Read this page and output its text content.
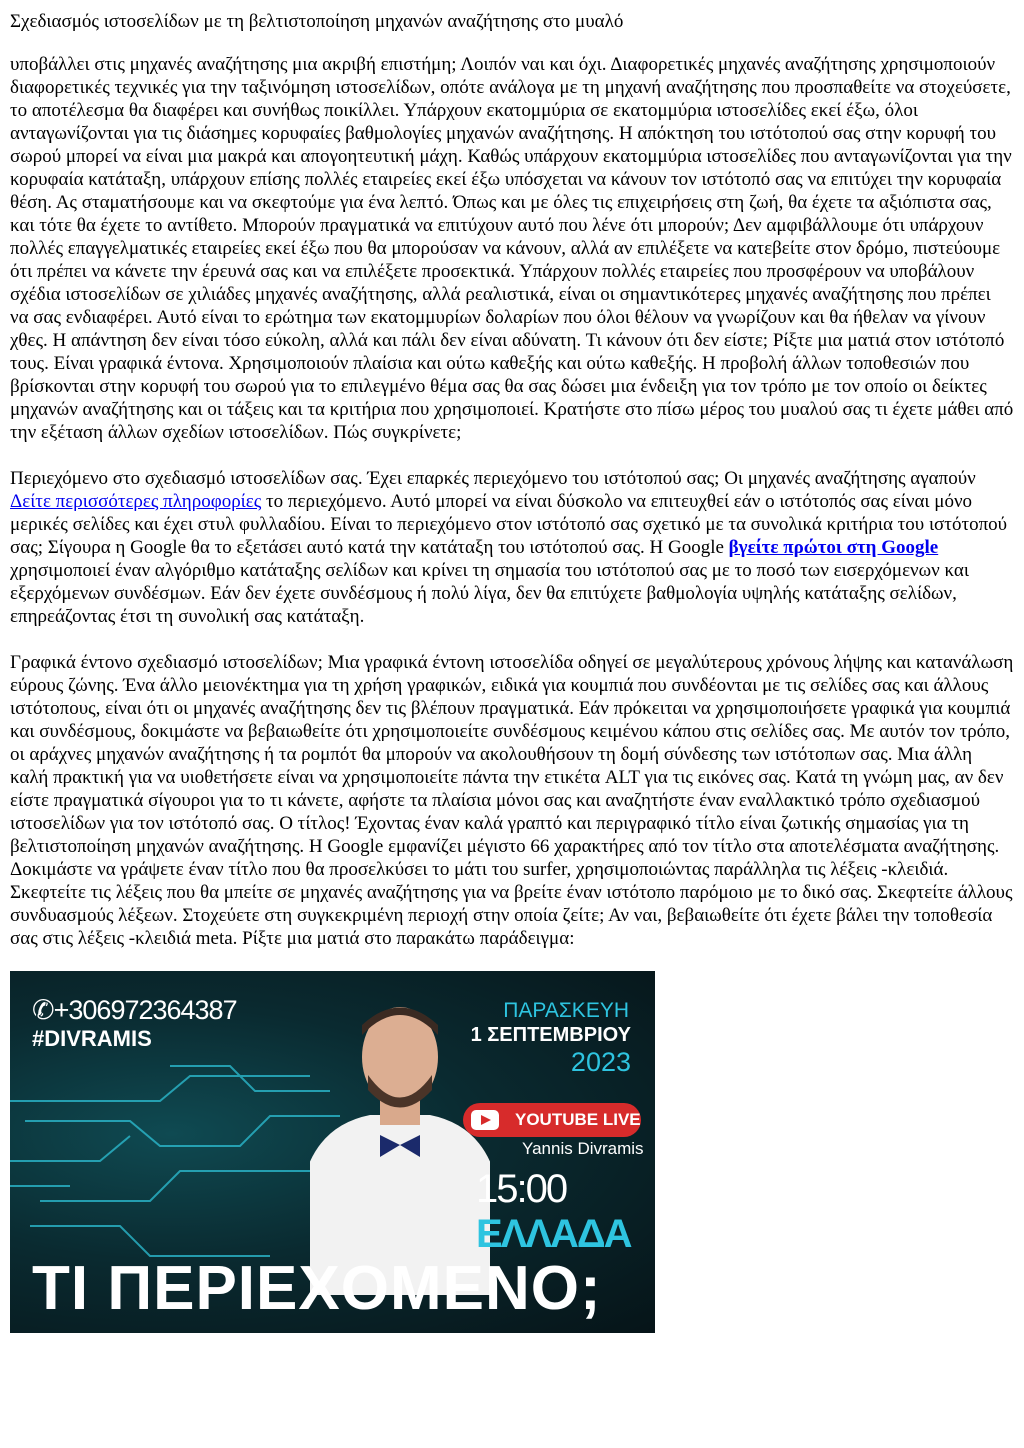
Σχεδιασμός ιστοσελίδων με τη βελτιστοποίηση μηχανών αναζήτησης στο μυαλό

υποβάλλει στις μηχανές αναζήτησης μια ακριβή επιστήμη; Λοιπόν ναι και όχι. Διαφορετικές μηχανές αναζήτησης χρησιμοποιούν διαφορετικές τεχνικές για την ταξινόμηση ιστοσελίδων, οπότε ανάλογα με τη μηχανή αναζήτησης που προσπαθείτε να στοχεύσετε, το αποτέλεσμα θα διαφέρει και συνήθως ποικίλλει. Υπάρχουν εκατομμύρια σε εκατομμύρια ιστοσελίδες εκεί έξω, όλοι ανταγωνίζονται για τις διάσημες κορυφαίες βαθμολογίες μηχανών αναζήτησης. Η απόκτηση του ιστότοπού σας στην κορυφή του σωρού μπορεί να είναι μια μακρά και απογοητευτική μάχη. Καθώς υπάρχουν εκατομμύρια ιστοσελίδες που ανταγωνίζονται για την κορυφαία κατάταξη, υπάρχουν επίσης πολλές εταιρείες εκεί έξω υπόσχεται να κάνουν τον ιστότοπό σας να επιτύχει την κορυφαία θέση. Ας σταματήσουμε και να σκεφτούμε για ένα λεπτό. Όπως και με όλες τις επιχειρήσεις στη ζωή, θα έχετε τα αξιόπιστα σας, και τότε θα έχετε το αντίθετο. Μπορούν πραγματικά να επιτύχουν αυτό που λένε ότι μπορούν; Δεν αμφιβάλλουμε ότι υπάρχουν πολλές επαγγελματικές εταιρείες εκεί έξω που θα μπορούσαν να κάνουν, αλλά αν επιλέξετε να κατεβείτε στον δρόμο, πιστεύουμε ότι πρέπει να κάνετε την έρευνά σας και να επιλέξετε προσεκτικά. Υπάρχουν πολλές εταιρείες που προσφέρουν να υποβάλουν σχέδια ιστοσελίδων σε χιλιάδες μηχανές αναζήτησης, αλλά ρεαλιστικά, είναι οι σημαντικότερες μηχανές αναζήτησης που πρέπει να σας ενδιαφέρει. Αυτό είναι το ερώτημα των εκατομμυρίων δολαρίων που όλοι θέλουν να γνωρίζουν και θα ήθελαν να γίνουν χθες. Η απάντηση δεν είναι τόσο εύκολη, αλλά και πάλι δεν είναι αδύνατη. Τι κάνουν ότι δεν είστε; Ρίξτε μια ματιά στον ιστότοπό τους. Είναι γραφικά έντονα. Χρησιμοποιούν πλαίσια και ούτω καθεξής και ούτω καθεξής. Η προβολή άλλων τοποθεσιών που βρίσκονται στην κορυφή του σωρού για το επιλεγμένο θέμα σας θα σας δώσει μια ένδειξη για τον τρόπο με τον οποίο οι δείκτες μηχανών αναζήτησης και οι τάξεις και τα κριτήρια που χρησιμοποιεί. Κρατήστε στο πίσω μέρος του μυαλού σας τι έχετε μάθει από την εξέταση άλλων σχεδίων ιστοσελίδων. Πώς συγκρίνετε;

Περιεχόμενο στο σχεδιασμό ιστοσελίδων σας. Έχει επαρκές περιεχόμενο του ιστότοπού σας; Οι μηχανές αναζήτησης αγαπούν Δείτε περισσότερες πληροφορίες το περιεχόμενο. Αυτό μπορεί να είναι δύσκολο να επιτευχθεί εάν ο ιστότοπός σας είναι μόνο μερικές σελίδες και έχει στυλ φυλλαδίου. Είναι το περιεχόμενο στον ιστότοπό σας σχετικό με τα συνολικά κριτήρια του ιστότοπού σας; Σίγουρα η Google θα το εξετάσει αυτό κατά την κατάταξη του ιστότοπού σας. Η Google βγείτε πρώτοι στη Google χρησιμοποιεί έναν αλγόριθμο κατάταξης σελίδων και κρίνει τη σημασία του ιστότοπού σας με το ποσό των εισερχόμενων και εξερχόμενων συνδέσμων. Εάν δεν έχετε συνδέσμους ή πολύ λίγα, δεν θα επιτύχετε βαθμολογία υψηλής κατάταξης σελίδων, επηρεάζοντας έτσι τη συνολική σας κατάταξη.

Γραφικά έντονο σχεδιασμό ιστοσελίδων; Μια γραφικά έντονη ιστοσελίδα οδηγεί σε μεγαλύτερους χρόνους λήψης και κατανάλωση εύρους ζώνης. Ένα άλλο μειονέκτημα για τη χρήση γραφικών, ειδικά για κουμπιά που συνδέονται με τις σελίδες σας και άλλους ιστότοπους, είναι ότι οι μηχανές αναζήτησης δεν τις βλέπουν πραγματικά. Εάν πρόκειται να χρησιμοποιήσετε γραφικά για κουμπιά και συνδέσμους, δοκιμάστε να βεβαιωθείτε ότι χρησιμοποιείτε συνδέσμους κειμένου κάπου στις σελίδες σας. Με αυτόν τον τρόπο, οι αράχνες μηχανών αναζήτησης ή τα ρομπότ θα μπορούν να ακολουθήσουν τη δομή σύνδεσης των ιστότοπων σας. Μια άλλη καλή πρακτική για να υιοθετήσετε είναι να χρησιμοποιείτε πάντα την ετικέτα ALT για τις εικόνες σας. Κατά τη γνώμη μας, αν δεν είστε πραγματικά σίγουροι για το τι κάνετε, αφήστε τα πλαίσια μόνοι σας και αναζητήστε έναν εναλλακτικό τρόπο σχεδιασμού ιστοσελίδων για τον ιστότοπό σας. Ο τίτλος! Έχοντας έναν καλά γραπτό και περιγραφικό τίτλο είναι ζωτικής σημασίας για τη βελτιστοποίηση μηχανών αναζήτησης. Η Google εμφανίζει μέγιστο 66 χαρακτήρες από τον τίτλο στα αποτελέσματα αναζήτησης. Δοκιμάστε να γράψετε έναν τίτλο που θα προσελκύσει το μάτι του surfer, χρησιμοποιώντας παράλληλα τις λέξεις -κλειδιά. Σκεφτείτε τις λέξεις που θα μπείτε σε μηχανές αναζήτησης για να βρείτε έναν ιστότοπο παρόμοιο με το δικό σας. Σκεφτείτε άλλους συνδυασμούς λέξεων. Στοχεύετε στη συγκεκριμένη περιοχή στην οποία ζείτε; Αν ναι, βεβαιωθείτε ότι έχετε βάλει την τοποθεσία σας στις λέξεις -κλειδιά meta. Ρίξτε μια ματιά στο παρακάτω παράδειγμα:

✆+306972364387
#DIVRAMIS
ΠΑΡΑΣΚΕΥΗ
1 ΣΕΠΤΕΜΒΡΙΟΥ
2023
YOUTUBE LIVE
Yannis Divramis
15:00 ΕΛΛΑΔΑ
ΤΙ ΠΕΡΙΕΧΟΜΕΝΟ;
